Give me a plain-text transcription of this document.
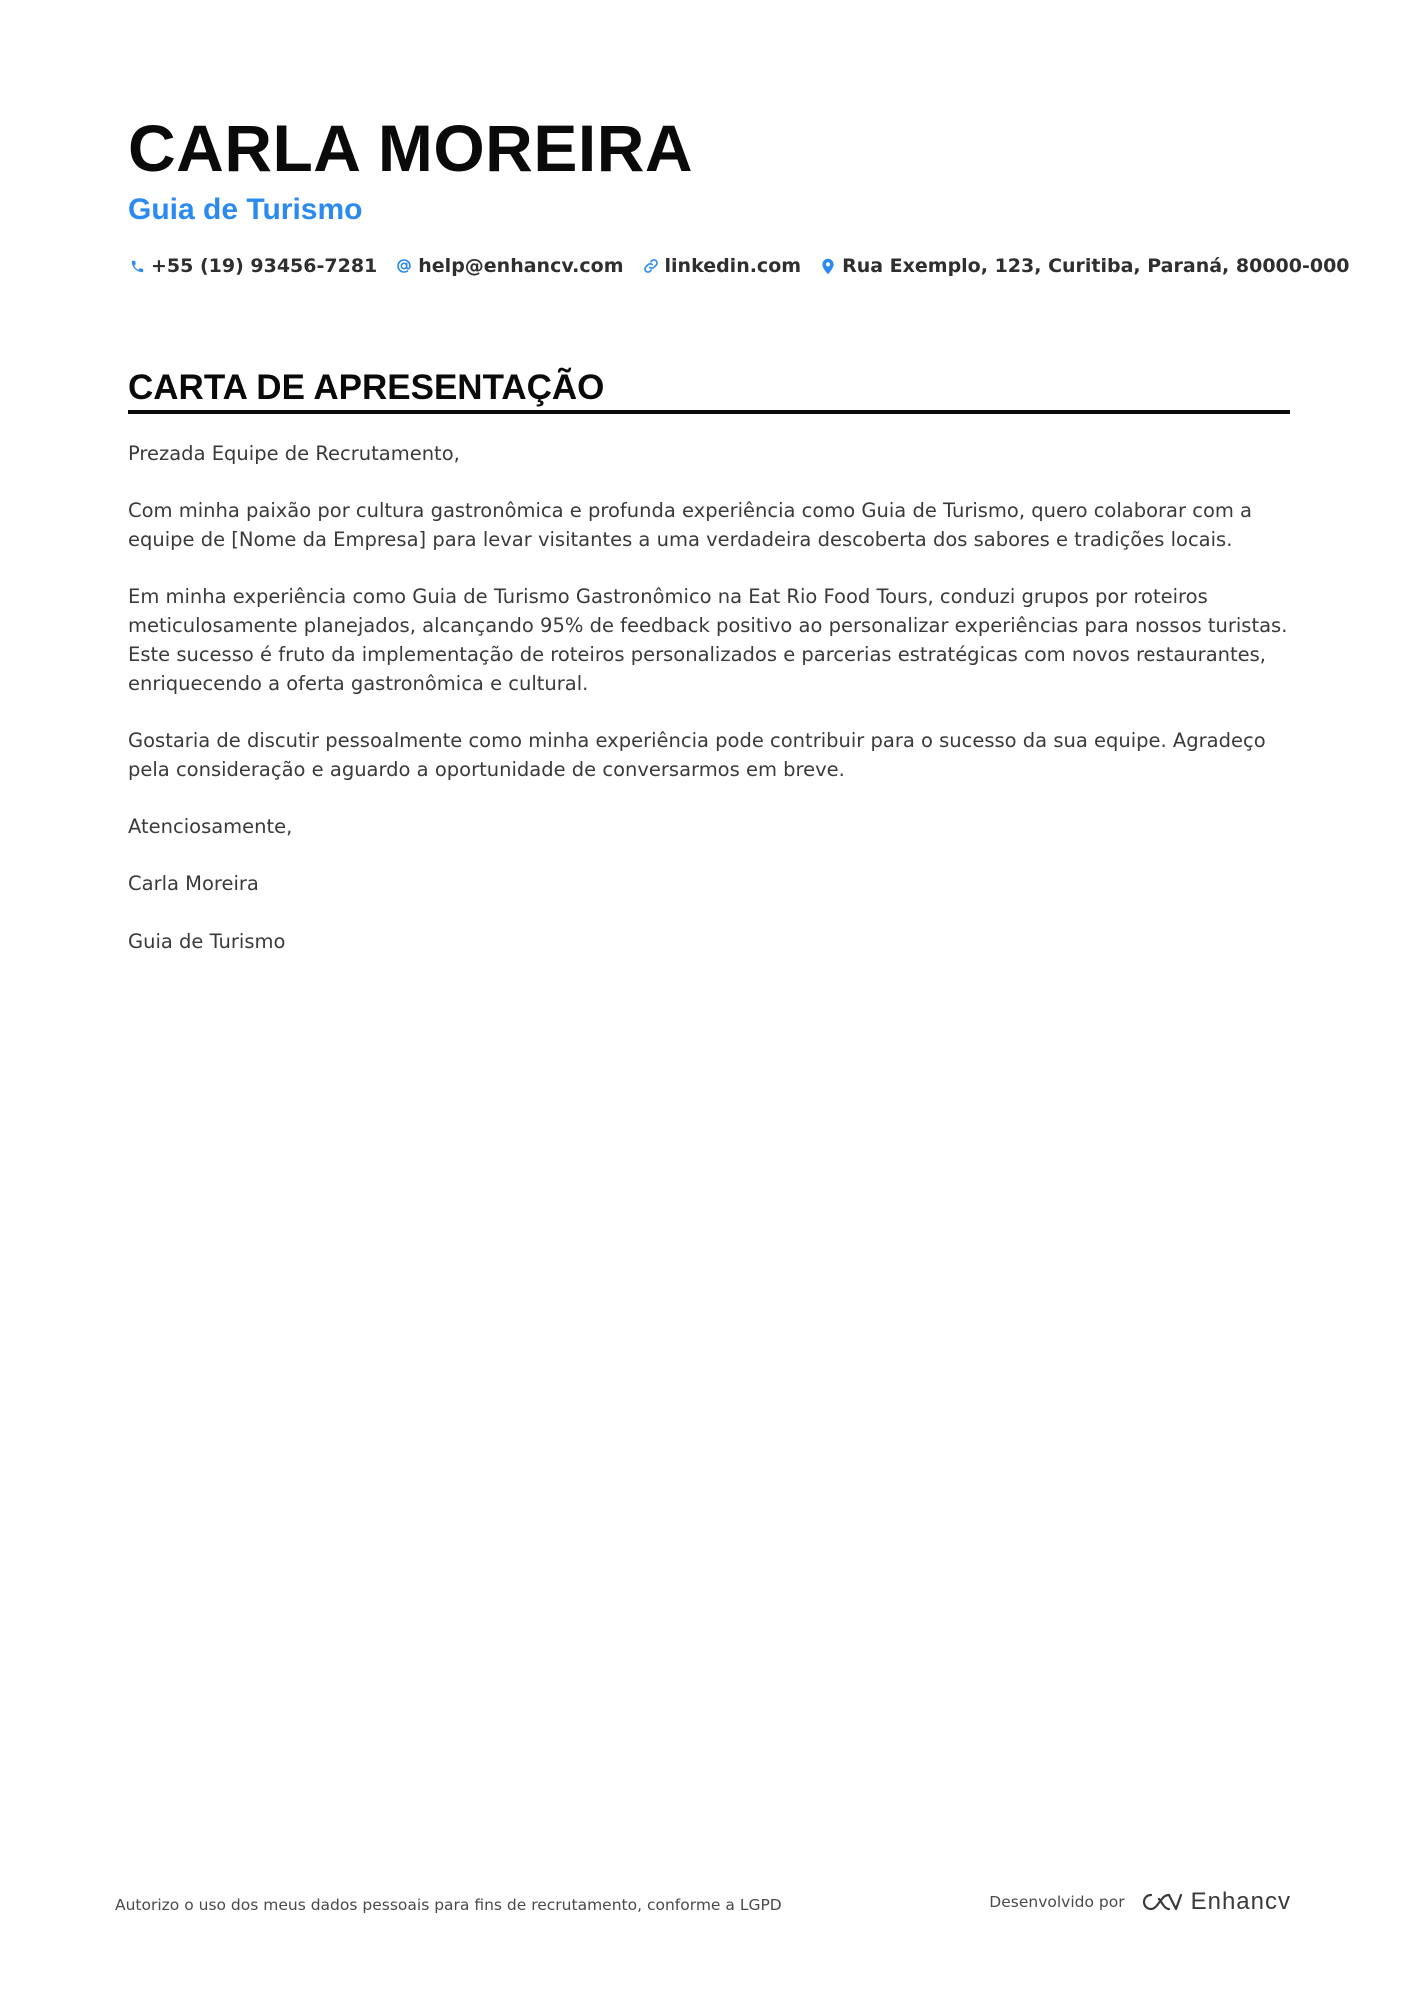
CARLA MOREIRA
Guia de Turismo
+55 (19) 93456-7281 help@enhancv.com linkedin.com Rua Exemplo, 123, Curitiba, Paraná, 80000-000
CARTA DE APRESENTAÇÃO

Prezada Equipe de Recrutamento,

Com minha paixão por cultura gastronômica e profunda experiência como Guia de Turismo, quero colaborar com a equipe de [Nome da Empresa] para levar visitantes a uma verdadeira descoberta dos sabores e tradições locais.

Em minha experiência como Guia de Turismo Gastronômico na Eat Rio Food Tours, conduzi grupos por roteiros meticulosamente planejados, alcançando 95% de feedback positivo ao personalizar experiências para nossos turistas. Este sucesso é fruto da implementação de roteiros personalizados e parcerias estratégicas com novos restaurantes, enriquecendo a oferta gastronômica e cultural.

Gostaria de discutir pessoalmente como minha experiência pode contribuir para o sucesso da sua equipe. Agradeço pela consideração e aguardo a oportunidade de conversarmos em breve.

Atenciosamente,

Carla Moreira

Guia de Turismo

Autorizo o uso dos meus dados pessoais para fins de recrutamento, conforme a LGPD	Desenvolvido por	Enhancv
